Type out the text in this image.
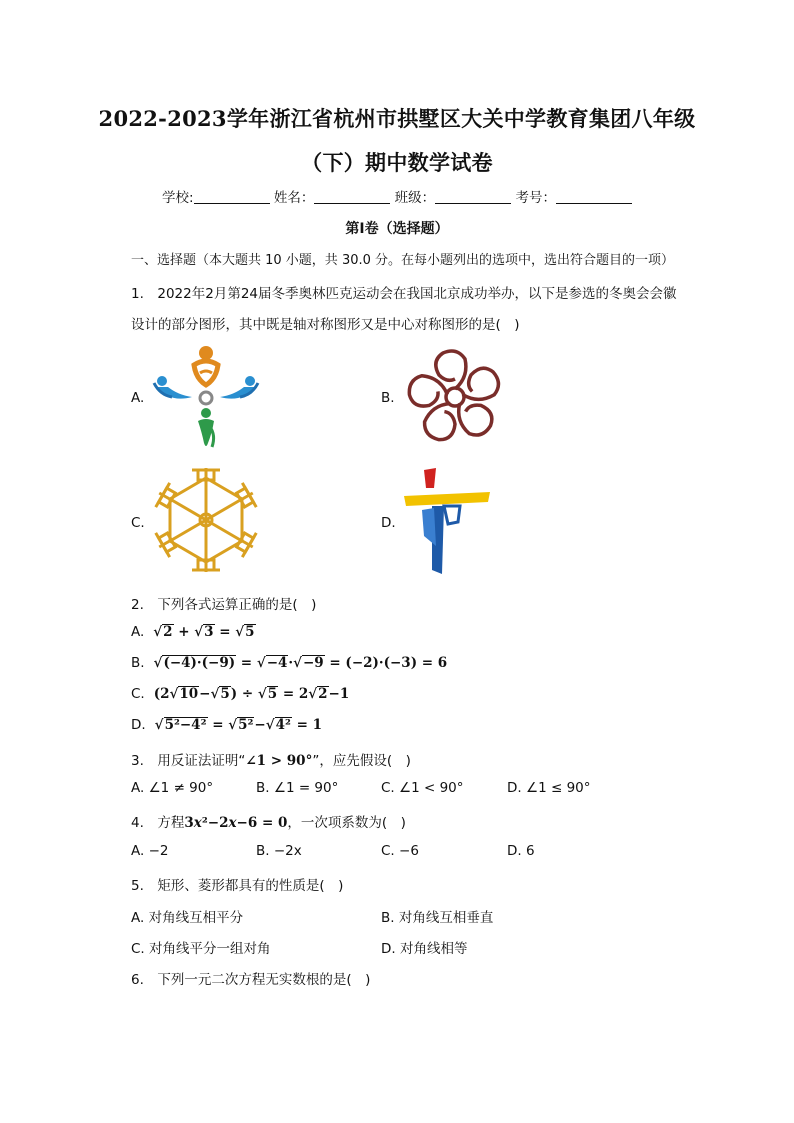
2022-2023学年浙江省杭州市拱墅区大关中学教育集团八年级
（下）期中数学试卷
学校:	姓名：	班级：	考号：
第Ⅰ卷（选择题）
一、选择题（本大题共 10 小题，共 30.0 分。在每小题列出的选项中，选出符合题目的一项）
1.　2022年2月第24届冬季奥林匹克运动会在我国北京成功举办，以下是参选的冬奥会会徽
设计的部分图形，其中既是轴对称图形又是中心对称图形的是(　)
A.	B.
C.	D.
2.　下列各式运算正确的是(　)
A.  √2 + √3 = √5
B.  √(−4)·(−9) = √−4·√−9 = (−2)·(−3) = 6
C.  (2√10−√5) ÷ √5 = 2√2−1
D.  √5²−4² = √5²−√4² = 1
3.　用反证法证明“∠1 > 90°”，应先假设(　)
A. ∠1 ≠ 90°	B. ∠1 = 90°	C. ∠1 < 90°	D. ∠1 ≤ 90°
4.　方程3x²−2x−6 = 0，一次项系数为(　)
A. −2	B. −2x	C. −6	D. 6
5.　矩形、菱形都具有的性质是(　)
A. 对角线互相平分	B. 对角线互相垂直
C. 对角线平分一组对角	D. 对角线相等
6.　下列一元二次方程无实数根的是(　)
